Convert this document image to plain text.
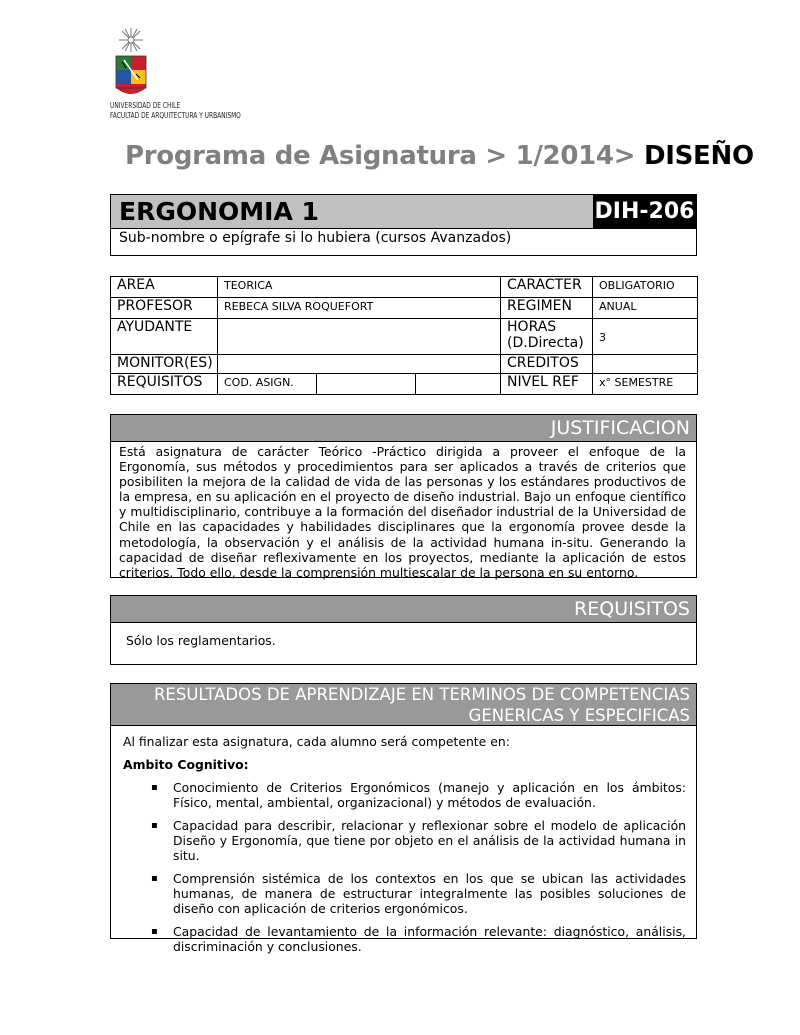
UNIVERSIDAD DE CHILE
FACULTAD DE ARQUITECTURA Y URBANISMO
Programa de Asignatura > 1/2014> DISEÑO
ERGONOMIA 1	DIH-206
Sub-nombre o epígrafe si lo hubiera (cursos Avanzados)
AREA	TEORICA			CARACTER	OBLIGATORIO
PROFESOR	REBECA SILVA ROQUEFORT			REGIMEN	ANUAL
AYUDANTE				HORAS (D.Directa)	3
MONITOR(ES)				CREDITOS	
REQUISITOS	COD. ASIGN.			NIVEL REF	x° SEMESTRE
JUSTIFICACION
Está asignatura de carácter Teórico -Práctico dirigida a proveer el enfoque de la Ergonomía, sus métodos y procedimientos para ser aplicados a través de criterios que posibiliten la mejora de la calidad de vida de las personas y los estándares productivos de la empresa, en su aplicación en el proyecto de diseño industrial. Bajo un enfoque científico y multidisciplinario, contribuye a la formación del diseñador industrial de la Universidad de Chile en las capacidades y habilidades disciplinares que la ergonomía provee desde la metodología, la observación y el análisis de la actividad humana in-situ. Generando la capacidad de diseñar reflexivamente en los proyectos, mediante la aplicación de estos criterios. Todo ello, desde la comprensión multiescalar de la persona en su entorno.
REQUISITOS
Sólo los reglamentarios.
RESULTADOS DE APRENDIZAJE EN TERMINOS DE COMPETENCIAS
GENERICAS Y ESPECIFICAS

Al finalizar esta asignatura, cada alumno será competente en:

Ambito Cognitivo:

▪ Conocimiento de Criterios Ergonómicos (manejo y aplicación en los ámbitos: Físico, mental, ambiental, organizacional) y métodos de evaluación.
▪ Capacidad para describir, relacionar y reflexionar sobre el modelo de aplicación Diseño y Ergonomía, que tiene por objeto en el análisis de la actividad humana in situ.
▪ Comprensión sistémica de los contextos en los que se ubican las actividades humanas, de manera de estructurar integralmente las posibles soluciones de diseño con aplicación de criterios ergonómicos.
▪ Capacidad de levantamiento de la información relevante: diagnóstico, análisis, discriminación y conclusiones.
